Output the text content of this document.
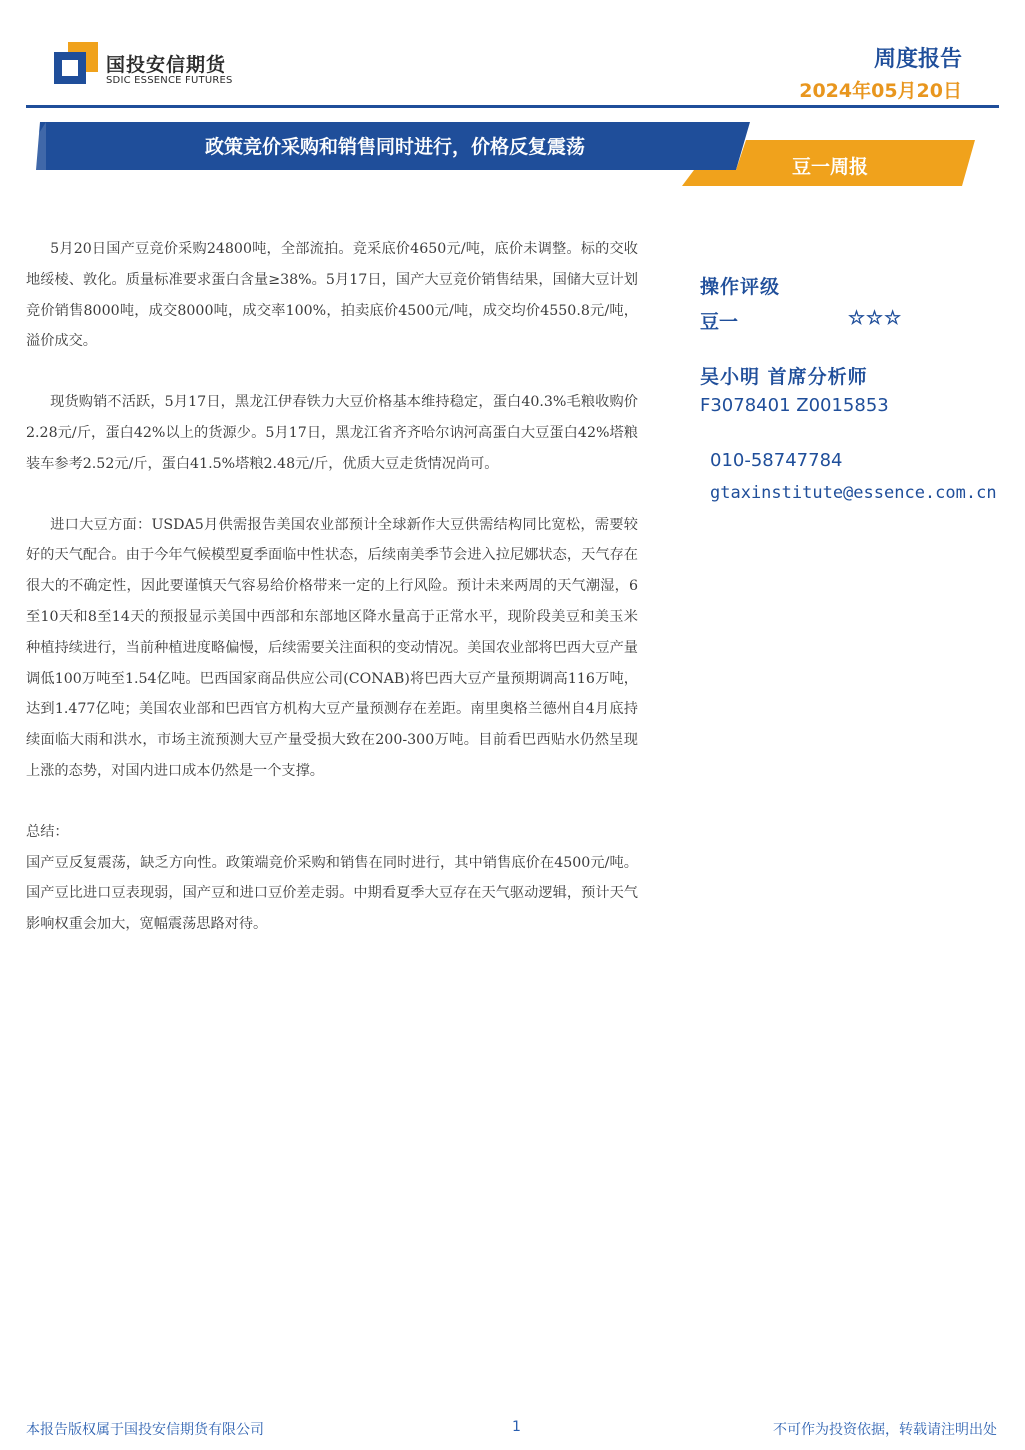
国投安信期货
SDIC ESSENCE FUTURES
周度报告
2024年05月20日
政策竞价采购和销售同时进行，价格反复震荡
豆一周报

5月20日国产豆竞价采购24800吨，全部流拍。竞采底价4650元/吨，底价未调整。标的交收地绥棱、敦化。质量标准要求蛋白含量≥38%。5月17日，国产大豆竞价销售结果，国储大豆计划竞价销售8000吨，成交8000吨，成交率100%，拍卖底价4500元/吨，成交均价4550.8元/吨，溢价成交。

现货购销不活跃，5月17日，黑龙江伊春铁力大豆价格基本维持稳定，蛋白40.3%毛粮收购价2.28元/斤，蛋白42%以上的货源少。5月17日，黑龙江省齐齐哈尔讷河高蛋白大豆蛋白42%塔粮装车参考2.52元/斤，蛋白41.5%塔粮2.48元/斤，优质大豆走货情况尚可。

进口大豆方面：USDA5月供需报告美国农业部预计全球新作大豆供需结构同比宽松，需要较好的天气配合。由于今年气候模型夏季面临中性状态，后续南美季节会进入拉尼娜状态，天气存在很大的不确定性，因此要谨慎天气容易给价格带来一定的上行风险。预计未来两周的天气潮湿，6至10天和8至14天的预报显示美国中西部和东部地区降水量高于正常水平，现阶段美豆和美玉米种植持续进行，当前种植进度略偏慢，后续需要关注面积的变动情况。美国农业部将巴西大豆产量调低100万吨至1.54亿吨。巴西国家商品供应公司(CONAB)将巴西大豆产量预期调高116万吨，达到1.477亿吨；美国农业部和巴西官方机构大豆产量预测存在差距。南里奥格兰德州自4月底持续面临大雨和洪水，市场主流预测大豆产量受损大致在200-300万吨。目前看巴西贴水仍然呈现上涨的态势，对国内进口成本仍然是一个支撑。

总结：

国产豆反复震荡，缺乏方向性。政策端竞价采购和销售在同时进行，其中销售底价在4500元/吨。国产豆比进口豆表现弱，国产豆和进口豆价差走弱。中期看夏季大豆存在天气驱动逻辑，预计天气影响权重会加大，宽幅震荡思路对待。

操作评级
豆一	☆☆☆
吴小明 首席分析师
F3078401 Z0015853
010-58747784
gtaxinstitute@essence.com.cn
本报告版权属于国投安信期货有限公司	1	不可作为投资依据，转载请注明出处
